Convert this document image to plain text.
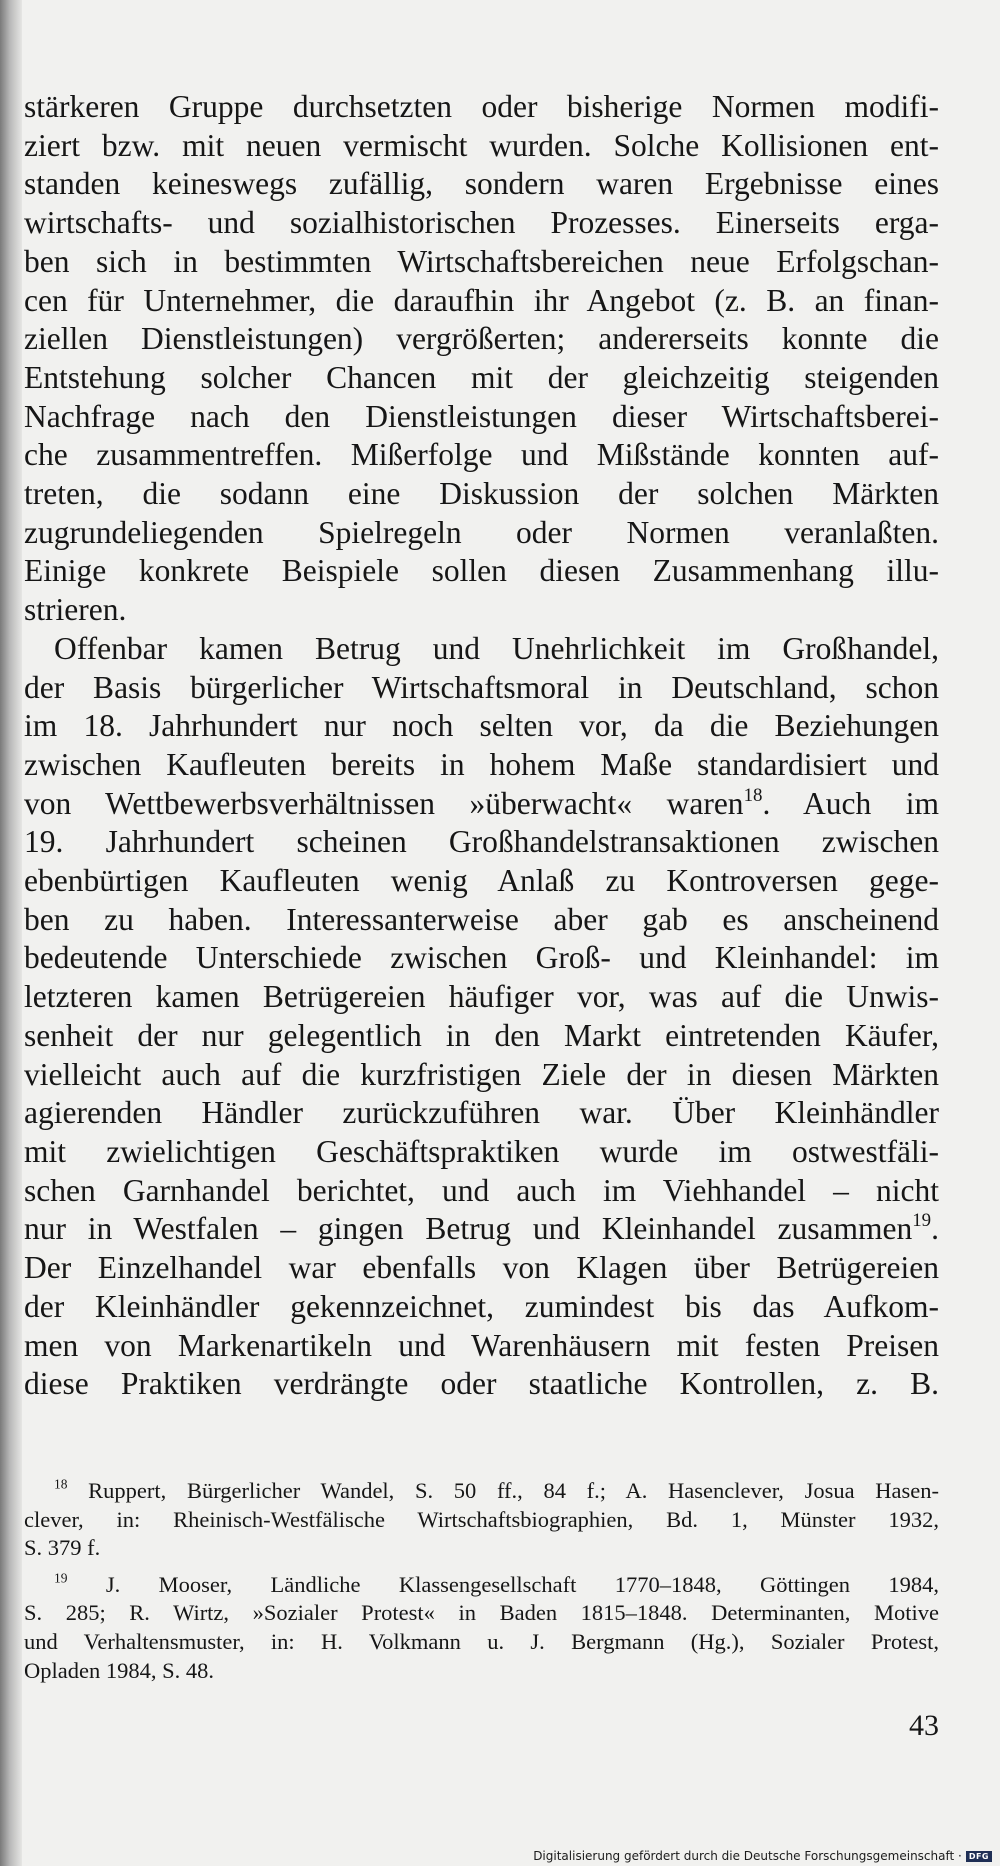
stärkeren Gruppe durchsetzten oder bisherige Normen modifi-
ziert bzw. mit neuen vermischt wurden. Solche Kollisionen ent-
standen keineswegs zufällig, sondern waren Ergebnisse eines
wirtschafts- und sozialhistorischen Prozesses. Einerseits erga-
ben sich in bestimmten Wirtschaftsbereichen neue Erfolgschan-
cen für Unternehmer, die daraufhin ihr Angebot (z. B. an finan-
ziellen Dienstleistungen) vergrößerten; andererseits konnte die
Entstehung solcher Chancen mit der gleichzeitig steigenden
Nachfrage nach den Dienstleistungen dieser Wirtschaftsberei-
che zusammentreffen. Mißerfolge und Mißstände konnten auf-
treten, die sodann eine Diskussion der solchen Märkten
zugrundeliegenden Spielregeln oder Normen veranlaßten.
Einige konkrete Beispiele sollen diesen Zusammenhang illu-
strieren.

Offenbar kamen Betrug und Unehrlichkeit im Großhandel,
der Basis bürgerlicher Wirtschaftsmoral in Deutschland, schon
im 18. Jahrhundert nur noch selten vor, da die Beziehungen
zwischen Kaufleuten bereits in hohem Maße standardisiert und
von Wettbewerbsverhältnissen »überwacht« waren$^{18}$. Auch im
19. Jahrhundert scheinen Großhandelstransaktionen zwischen
ebenbürtigen Kaufleuten wenig Anlaß zu Kontroversen gege-
ben zu haben. Interessanterweise aber gab es anscheinend
bedeutende Unterschiede zwischen Groß- und Kleinhandel: im
letzteren kamen Betrügereien häufiger vor, was auf die Unwis-
senheit der nur gelegentlich in den Markt eintretenden Käufer,
vielleicht auch auf die kurzfristigen Ziele der in diesen Märkten
agierenden Händler zurückzuführen war. Über Kleinhändler
mit zwielichtigen Geschäftspraktiken wurde im ostwestfäli-
schen Garnhandel berichtet, und auch im Viehhandel – nicht
nur in Westfalen – gingen Betrug und Kleinhandel zusammen$^{19}$.
Der Einzelhandel war ebenfalls von Klagen über Betrügereien
der Kleinhändler gekennzeichnet, zumindest bis das Aufkom-
men von Markenartikeln und Warenhäusern mit festen Preisen
diese Praktiken verdrängte oder staatliche Kontrollen, z. B.

$^{18}$ Ruppert, Bürgerlicher Wandel, S. 50 ff., 84 f.; A. Hasenclever, Josua Hasen-
clever, in: Rheinisch-Westfälische Wirtschaftsbiographien, Bd. 1, Münster 1932,
S. 379 f.
$^{19}$ J. Mooser, Ländliche Klassengesellschaft 1770–1848, Göttingen 1984,
S. 285; R. Wirtz, »Sozialer Protest« in Baden 1815–1848. Determinanten, Motive
und Verhaltensmuster, in: H. Volkmann u. J. Bergmann (Hg.), Sozialer Protest,
Opladen 1984, S. 48.
43
Digitalisierung gefördert durch die Deutsche Forschungsgemeinschaft · DFG
